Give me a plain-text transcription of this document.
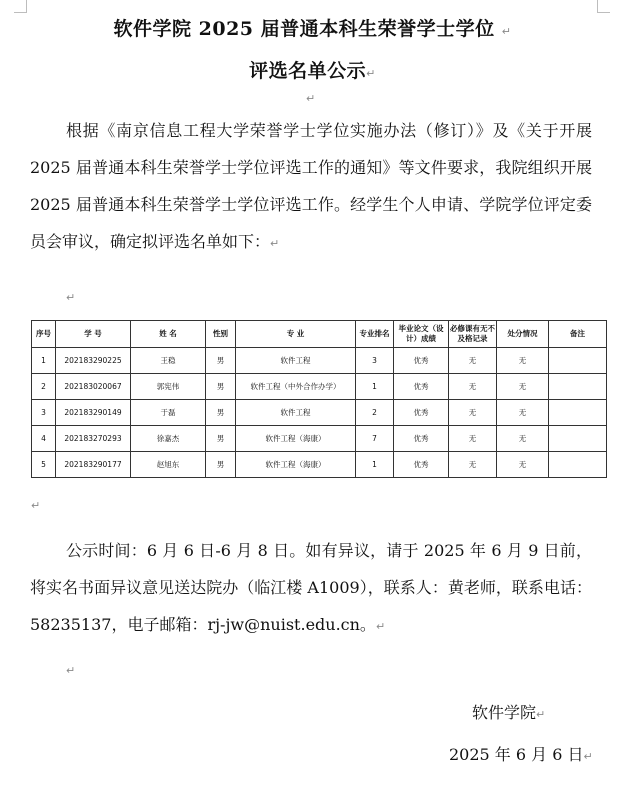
软件学院 2025 届普通本科生荣誉学士学位 ↵
评选名单公示↵
↵
根据《南京信息工程大学荣誉学士学位实施办法（修订）》及《关于开展 2025 届普通本科生荣誉学士学位评选工作的通知》等文件要求，我院组织开展 2025 届普通本科生荣誉学士学位评选工作。经学生个人申请、学院学位评定委员会审议，确定拟评选名单如下：↵
↵
序号	学 号	姓 名	性别	专 业	专业排名	毕业论文（设计）成绩	必修课有无不及格记录	处分情况	备注
1	202183290225	王稳	男	软件工程	3	优秀	无	无	
2	202183020067	郭宪伟	男	软件工程（中外合作办学）	1	优秀	无	无	
3	202183290149	于磊	男	软件工程	2	优秀	无	无	
4	202183270293	徐嘉杰	男	软件工程（海康）	7	优秀	无	无	
5	202183290177	赵旭东	男	软件工程（海康）	1	优秀	无	无	
↵
公示时间：6 月 6 日-6 月 8 日。如有异议，请于 2025 年 6 月 9 日前，将实名书面异议意见送达院办（临江楼 A1009），联系人：黄老师，联系电话： 58235137，电子邮箱：rj-jw@nuist.edu.cn。↵
↵
软件学院↵
2025 年 6 月 6 日↵
